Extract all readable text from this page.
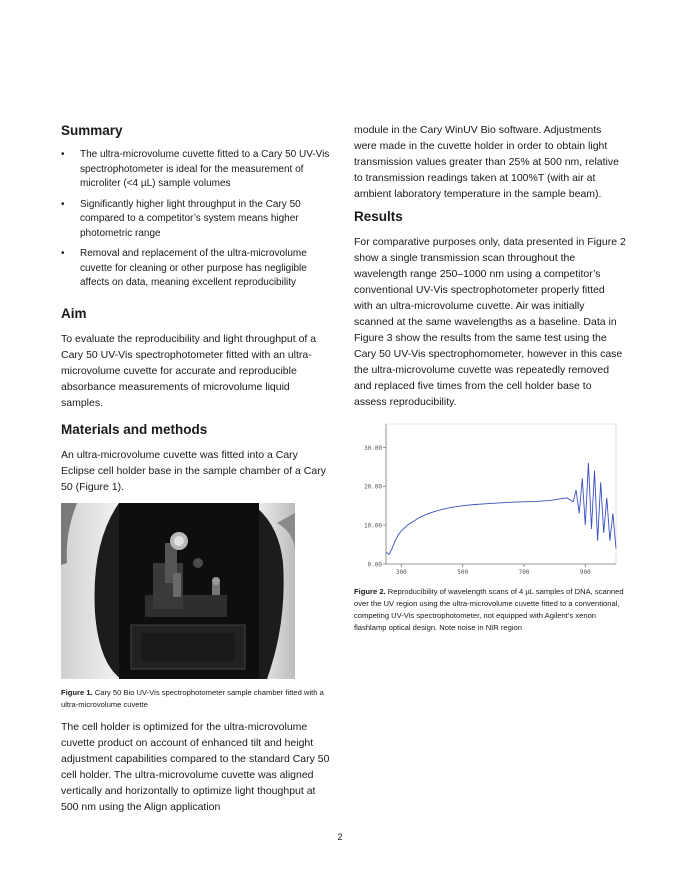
Summary
• The ultra-microvolume cuvette fitted to a Cary 50 UV-Vis spectrophotometer is ideal for the measurement of microliter (<4 µL) sample volumes
• Significantly higher light throughput in the Cary 50 compared to a competitor’s system means higher photometric range
• Removal and replacement of the ultra-microvolume cuvette for cleaning or other purpose has negligible affects on data, meaning excellent reproducibility
Aim

To evaluate the reproducibility and light throughput of a Cary 50 UV-Vis spectrophotometer fitted with an ultra-microvolume cuvette for accurate and reproducible absorbance measurements of microvolume liquid samples.

Materials and methods

An ultra-microvolume cuvette was fitted into a Cary Eclipse cell holder base in the sample chamber of a Cary 50 (Figure 1).

Figure 1. Cary 50 Bio UV-Vis spectrophotometer sample chamber fitted with a ultra-microvolume cuvette

The cell holder is optimized for the ultra-microvolume cuvette product on account of enhanced tilt and height adjustment capabilities compared to the standard Cary 50 cell holder. The ultra-microvolume cuvette was aligned vertically and horizontally to optimize light thoughput at 500 nm using the Align application

module in the Cary WinUV Bio software. Adjustments were made in the cuvette holder in order to obtain light transmission values greater than 25% at 500 nm, relative to transmission readings taken at 100%T (with air at ambient laboratory temperature in the sample beam).

Results

For comparative purposes only, data presented in Figure 2 show a single transmission scan throughout the wavelength range 250–1000 nm using a competitor’s conventional UV-Vis spectrophotometer properly fitted with an ultra-microvolume cuvette. Air was initially scanned at the same wavelengths as a baseline. Data in Figure 3 show the results from the same test using the Cary 50 UV-Vis spectrophomometer, however in this case the ultra-microvolume cuvette was repeatedly removed and replaced five times from the cell holder base to assess reproducibility.

0.00
10.00
20.00
30.00
300	500	700	900
Figure 2. Reproducibility of wavelength scans of 4 µL samples of DNA, scanned over the UV region using the ultra-microvolume cuvette fitted to a conventional, competing UV-Vis spectrophotometer, not equipped with Agilent’s xenon flashlamp optical design. Note noise in NIR region
2
